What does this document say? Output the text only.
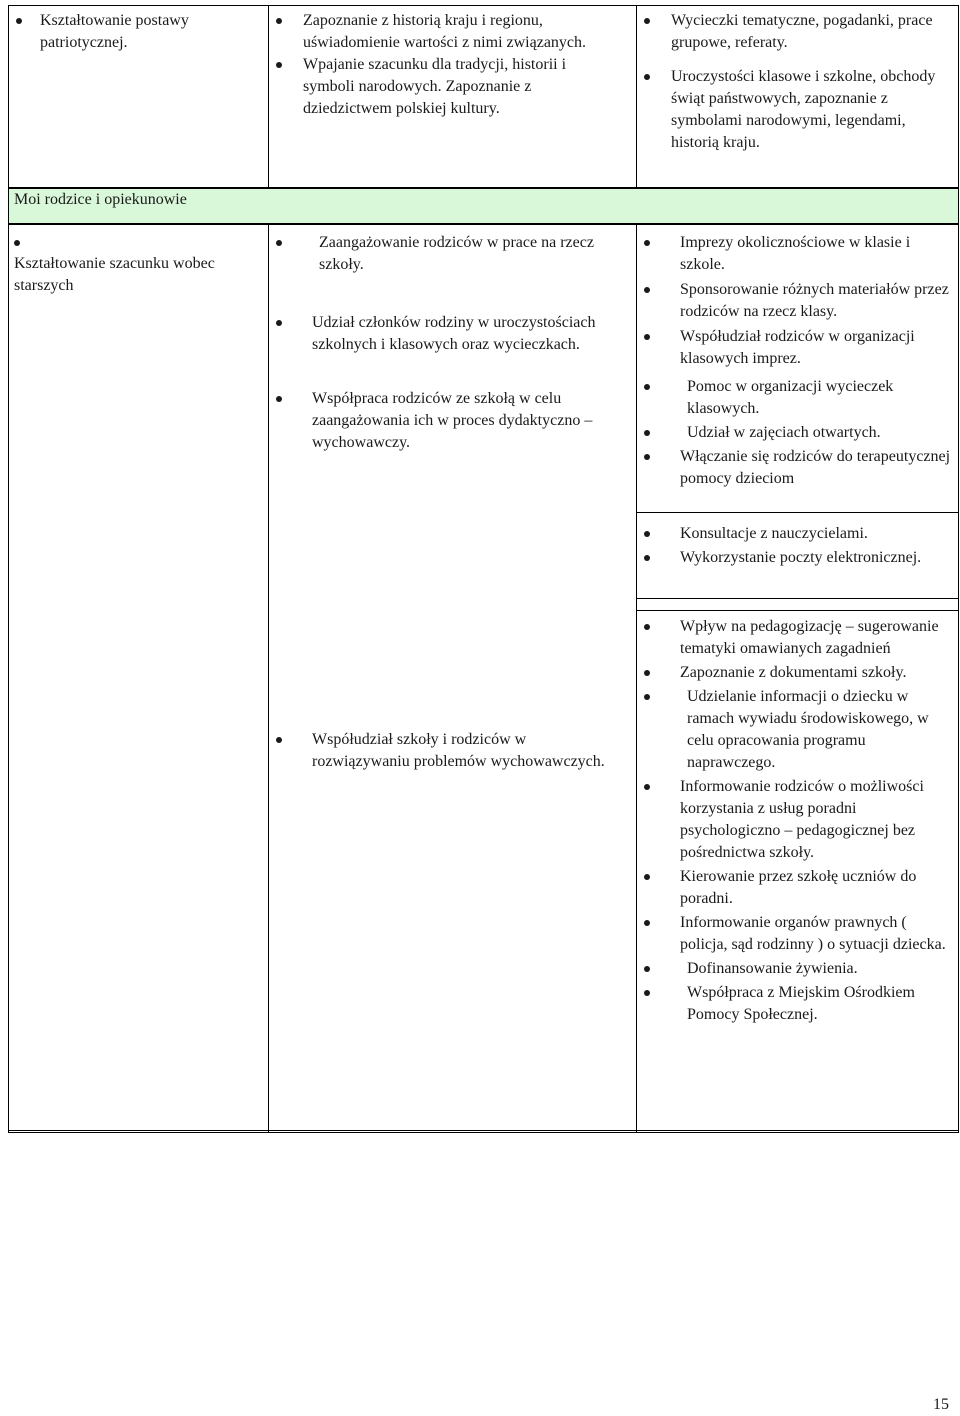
Kształtowanie postawy patriotycznej.
Zapoznanie z historią kraju i regionu, uświadomienie wartości z nimi związanych.
Wpajanie szacunku dla tradycji, historii i symboli narodowych. Zapoznanie z dziedzictwem polskiej kultury.
Wycieczki tematyczne, pogadanki, prace grupowe, referaty.
Uroczystości klasowe i szkolne, obchody świąt państwowych, zapoznanie z symbolami narodowymi, legendami, historią kraju.
Moi rodzice i opiekunowie
Kształtowanie szacunku wobec starszych
Zaangażowanie rodziców w prace na rzecz szkoły.
Udział członków rodziny w uroczystościach szkolnych i klasowych oraz wycieczkach.
Współpraca rodziców ze szkołą w celu zaangażowania ich w proces dydaktyczno – wychowawczy.
Współudział szkoły i rodziców w rozwiązywaniu problemów wychowawczych.
Imprezy okolicznościowe w klasie i szkole.
Sponsorowanie różnych materiałów przez rodziców na rzecz klasy.
Współudział rodziców w organizacji klasowych imprez.
Pomoc w organizacji wycieczek klasowych.
Udział w zajęciach otwartych.
Włączanie się rodziców do terapeutycznej pomocy dzieciom
Konsultacje z nauczycielami.
Wykorzystanie poczty elektronicznej.
Wpływ na pedagogizację – sugerowanie tematyki omawianych zagadnień
Zapoznanie z dokumentami szkoły.
Udzielanie informacji o dziecku w ramach wywiadu środowiskowego, w celu opracowania programu naprawczego.
Informowanie rodziców o możliwości korzystania z usług poradni psychologiczno – pedagogicznej bez pośrednictwa szkoły.
Kierowanie przez szkołę uczniów do poradni.
Informowanie organów prawnych ( policja, sąd rodzinny ) o sytuacji dziecka.
Dofinansowanie żywienia.
Współpraca z Miejskim Ośrodkiem Pomocy Społecznej.
15
